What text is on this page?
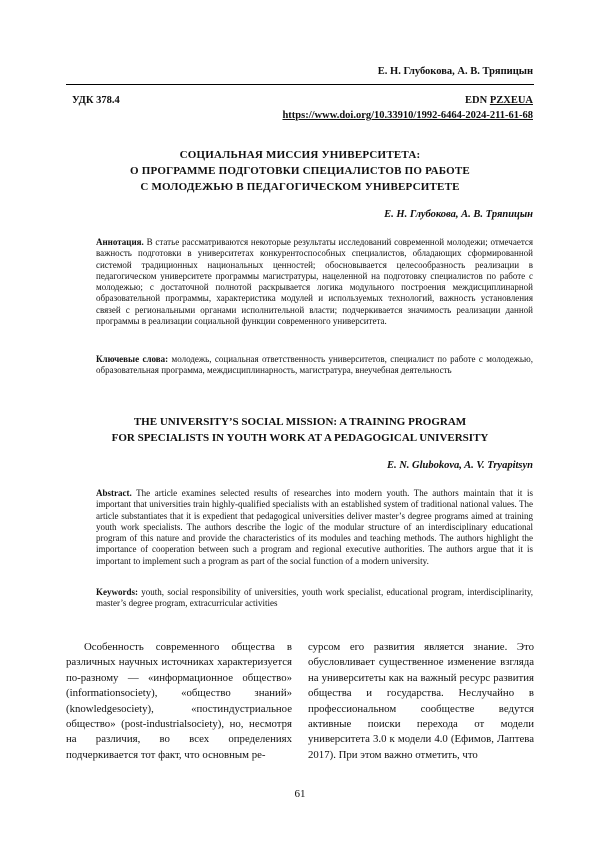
Е. Н. Глубокова, А. В. Тряпицын
УДК 378.4	EDN PZXEUA
https://www.doi.org/10.33910/1992-6464-2024-211-61-68
СОЦИАЛЬНАЯ МИССИЯ УНИВЕРСИТЕТА:
О ПРОГРАММЕ ПОДГОТОВКИ СПЕЦИАЛИСТОВ ПО РАБОТЕ
С МОЛОДЕЖЬЮ В ПЕДАГОГИЧЕСКОМ УНИВЕРСИТЕТЕ
Е. Н. Глубокова, А. В. Тряпицын
Аннотация. В статье рассматриваются некоторые результаты исследований современной молодежи; отмечается важность подготовки в университетах конкурентоспособных специалистов, обладающих сформированной системой традиционных национальных ценностей; обосновывается целесообразность реализации в педагогическом университете программы магистратуры, нацеленной на подготовку специалистов по работе с молодежью; с достаточной полнотой раскрывается логика модульного построения междисциплинарной образовательной программы, характеристика модулей и используемых технологий, важность установления связей с региональными органами исполнительной власти; подчеркивается значимость реализации данной программы в реализации социальной функции современного университета.
Ключевые слова: молодежь, социальная ответственность университетов, специалист по работе с молодежью, образовательная программа, междисциплинарность, магистратура, внеучебная деятельность
THE UNIVERSITY’S SOCIAL MISSION: A TRAINING PROGRAM
FOR SPECIALISTS IN YOUTH WORK AT A PEDAGOGICAL UNIVERSITY
E. N. Glubokova, A. V. Tryapitsyn
Abstract. The article examines selected results of researches into modern youth. The authors maintain that it is important that universities train highly-qualified specialists with an established system of traditional national values. The article substantiates that it is expedient that pedagogical universities deliver master’s degree programs aimed at training youth work specialists. The authors describe the logic of the modular structure of an interdisciplinary educational program of this nature and provide the characteristics of its modules and teaching methods. The authors highlight the importance of cooperation between such a program and regional executive authorities. The authors argue that it is important to implement such a program as part of the social function of a modern university.
Keywords: youth, social responsibility of universities, youth work specialist, educational program, interdisciplinarity, master’s degree program, extracurricular activities
Особенность современного общества в различных научных источниках характеризуется по-разному — «информационное общество» (informationsociety), «общество знаний» (knowledgesociety), «постиндустриальное общество» (post-industrialsociety), но, несмотря на различия, во всех определениях подчеркивается тот факт, что основным ре-
сурсом его развития является знание. Это обусловливает существенное изменение взгляда на университеты как на важный ресурс развития общества и государства. Неслучайно в профессиональном сообществе ведутся активные поиски перехода от модели университета 3.0 к модели 4.0 (Ефимов, Лаптева 2017). При этом важно отметить, что
61
